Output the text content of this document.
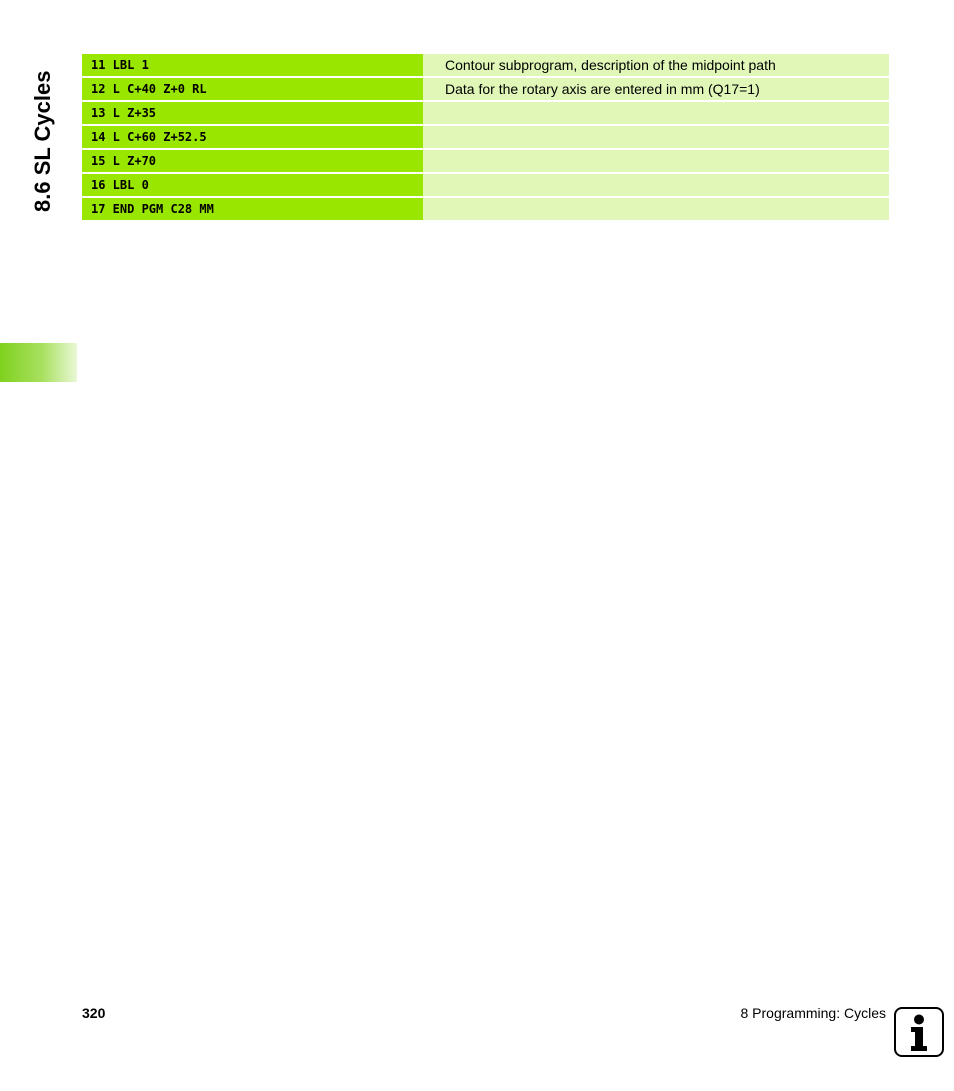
8.6 SL Cycles
11 LBL 1	Contour subprogram, description of the midpoint path
12 L C+40 Z+0 RL	Data for the rotary axis are entered in mm (Q17=1)
13 L Z+35
14 L C+60 Z+52.5
15 L Z+70
16 LBL 0
17 END PGM C28 MM
320	8 Programming: Cycles
